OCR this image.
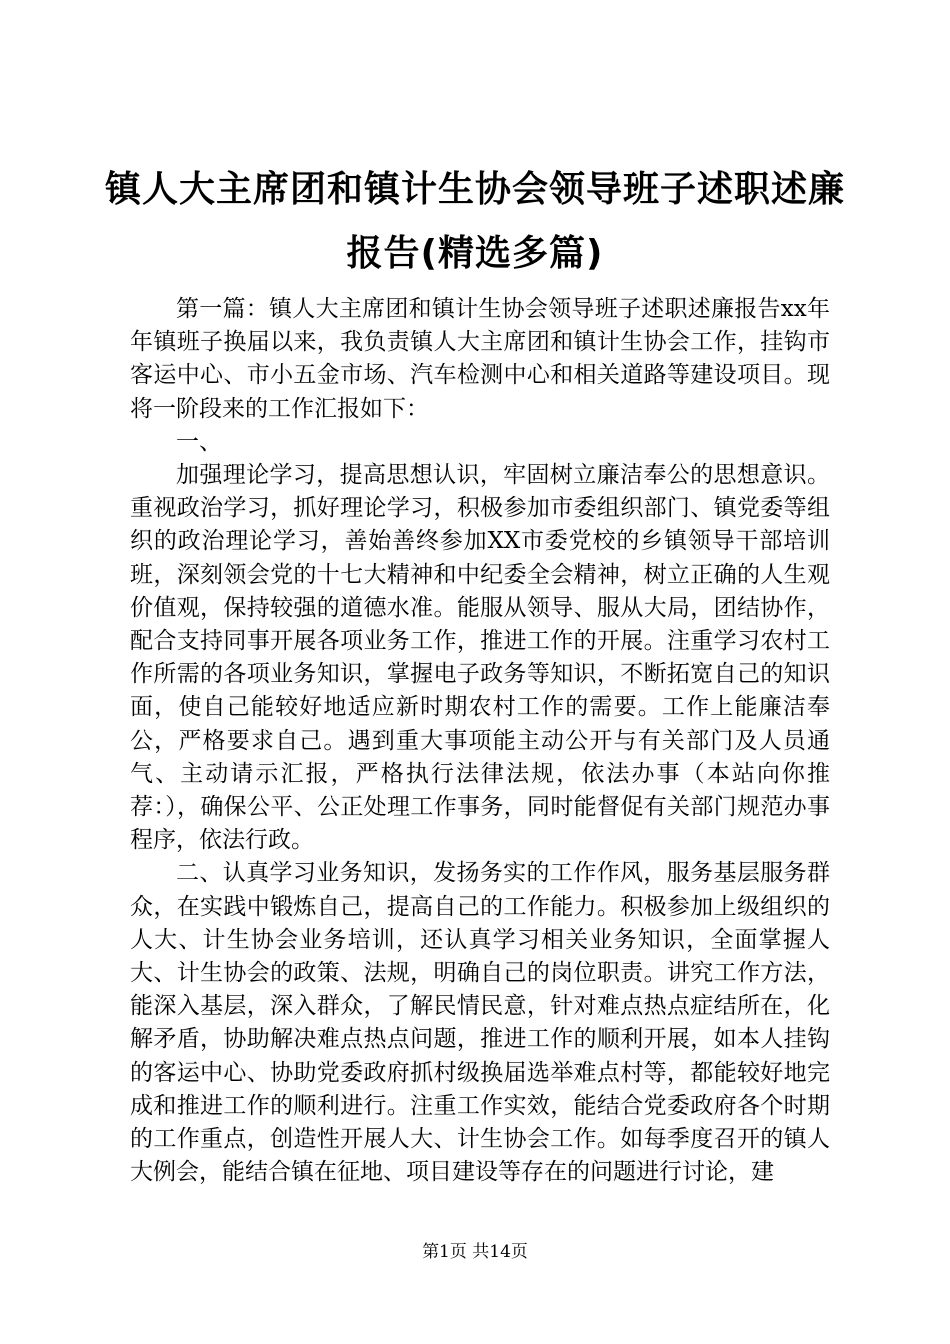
镇人大主席团和镇计生协会领导班子述职述廉
报告(精选多篇)

第一篇：镇人大主席团和镇计生协会领导班子述职述廉报告xx年年镇班子换届以来，我负责镇人大主席团和镇计生协会工作，挂钩市客运中心、市小五金市场、汽车检测中心和相关道路等建设项目。现将一阶段来的工作汇报如下：

一、

加强理论学习，提高思想认识，牢固树立廉洁奉公的思想意识。重视政治学习，抓好理论学习，积极参加市委组织部门、镇党委等组织的政治理论学习，善始善终参加XX市委党校的乡镇领导干部培训班，深刻领会党的十七大精神和中纪委全会精神，树立正确的人生观价值观，保持较强的道德水准。能服从领导、服从大局，团结协作，配合支持同事开展各项业务工作，推进工作的开展。注重学习农村工作所需的各项业务知识，掌握电子政务等知识，不断拓宽自己的知识面，使自己能较好地适应新时期农村工作的需要。工作上能廉洁奉公，严格要求自己。遇到重大事项能主动公开与有关部门及人员通气、主动请示汇报，严格执行法律法规，依法办事（本站向你推荐：），确保公平、公正处理工作事务，同时能督促有关部门规范办事程序，依法行政。

二、认真学习业务知识，发扬务实的工作作风，服务基层服务群众，在实践中锻炼自己，提高自己的工作能力。积极参加上级组织的人大、计生协会业务培训，还认真学习相关业务知识，全面掌握人大、计生协会的政策、法规，明确自己的岗位职责。讲究工作方法，能深入基层，深入群众，了解民情民意，针对难点热点症结所在，化解矛盾，协助解决难点热点问题，推进工作的顺利开展，如本人挂钩的客运中心、协助党委政府抓村级换届选举难点村等，都能较好地完成和推进工作的顺利进行。注重工作实效，能结合党委政府各个时期的工作重点，创造性开展人大、计生协会工作。如每季度召开的镇人大例会，能结合镇在征地、项目建设等存在的问题进行讨论，建

第1页 共14页
